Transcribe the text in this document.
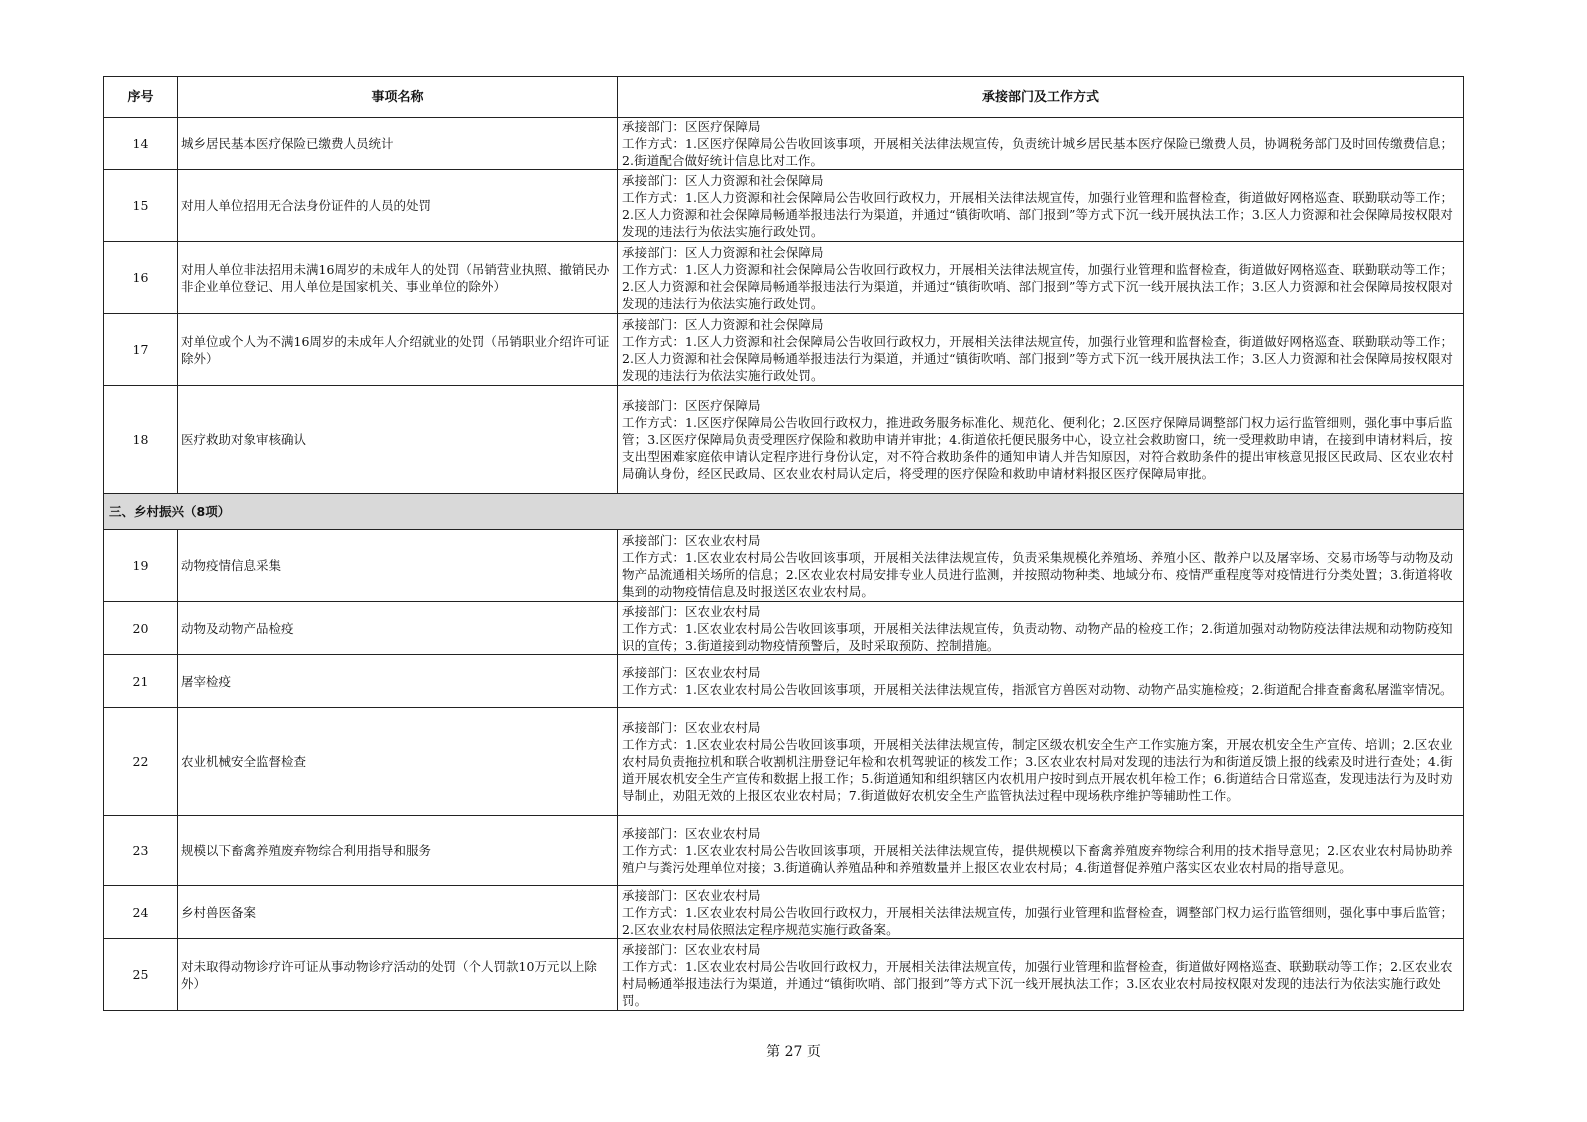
序号	事项名称	承接部门及工作方式
14	城乡居民基本医疗保险已缴费人员统计	承接部门：区医疗保障局
工作方式：1.区医疗保障局公告收回该事项，开展相关法律法规宣传，负责统计城乡居民基本医疗保险已缴费人员，协调税务部门及时回传缴费信息；2.街道配合做好统计信息比对工作。

15	对用人单位招用无合法身份证件的人员的处罚	承接部门：区人力资源和社会保障局
工作方式：1.区人力资源和社会保障局公告收回行政权力，开展相关法律法规宣传，加强行业管理和监督检查，街道做好网格巡查、联勤联动等工作；2.区人力资源和社会保障局畅通举报违法行为渠道，并通过“镇街吹哨、部门报到”等方式下沉一线开展执法工作；3.区人力资源和社会保障局按权限对发现的违法行为依法实施行政处罚。

16	对用人单位非法招用未满16周岁的未成年人的处罚（吊销营业执照、撤销民办非企业单位登记、用人单位是国家机关、事业单位的除外）	承接部门：区人力资源和社会保障局
工作方式：1.区人力资源和社会保障局公告收回行政权力，开展相关法律法规宣传，加强行业管理和监督检查，街道做好网格巡查、联勤联动等工作；2.区人力资源和社会保障局畅通举报违法行为渠道，并通过“镇街吹哨、部门报到”等方式下沉一线开展执法工作；3.区人力资源和社会保障局按权限对发现的违法行为依法实施行政处罚。

17	对单位或个人为不满16周岁的未成年人介绍就业的处罚（吊销职业介绍许可证除外）	承接部门：区人力资源和社会保障局
工作方式：1.区人力资源和社会保障局公告收回行政权力，开展相关法律法规宣传，加强行业管理和监督检查，街道做好网格巡查、联勤联动等工作；2.区人力资源和社会保障局畅通举报违法行为渠道，并通过“镇街吹哨、部门报到”等方式下沉一线开展执法工作；3.区人力资源和社会保障局按权限对发现的违法行为依法实施行政处罚。

18	医疗救助对象审核确认	承接部门：区医疗保障局
工作方式：1.区医疗保障局公告收回行政权力，推进政务服务标准化、规范化、便利化；2.区医疗保障局调整部门权力运行监管细则，强化事中事后监管；3.区医疗保障局负责受理医疗保险和救助申请并审批；4.街道依托便民服务中心，设立社会救助窗口，统一受理救助申请，在接到申请材料后，按支出型困难家庭依申请认定程序进行身份认定，对不符合救助条件的通知申请人并告知原因，对符合救助条件的提出审核意见报区民政局、区农业农村局确认身份，经区民政局、区农业农村局认定后，将受理的医疗保险和救助申请材料报区医疗保障局审批。

三、乡村振兴（8项）		
19	动物疫情信息采集	承接部门：区农业农村局
工作方式：1.区农业农村局公告收回该事项，开展相关法律法规宣传，负责采集规模化养殖场、养殖小区、散养户以及屠宰场、交易市场等与动物及动物产品流通相关场所的信息；2.区农业农村局安排专业人员进行监测，并按照动物种类、地域分布、疫情严重程度等对疫情进行分类处置；3.街道将收集到的动物疫情信息及时报送区农业农村局。

20	动物及动物产品检疫	承接部门：区农业农村局
工作方式：1.区农业农村局公告收回该事项，开展相关法律法规宣传，负责动物、动物产品的检疫工作；2.街道加强对动物防疫法律法规和动物防疫知识的宣传；3.街道接到动物疫情预警后，及时采取预防、控制措施。

21	屠宰检疫	承接部门：区农业农村局
工作方式：1.区农业农村局公告收回该事项，开展相关法律法规宣传，指派官方兽医对动物、动物产品实施检疫；2.街道配合排查畜禽私屠滥宰情况。

22	农业机械安全监督检查	承接部门：区农业农村局
工作方式：1.区农业农村局公告收回该事项，开展相关法律法规宣传，制定区级农机安全生产工作实施方案，开展农机安全生产宣传、培训；2.区农业农村局负责拖拉机和联合收割机注册登记年检和农机驾驶证的核发工作；3.区农业农村局对发现的违法行为和街道反馈上报的线索及时进行查处；4.街道开展农机安全生产宣传和数据上报工作；5.街道通知和组织辖区内农机用户按时到点开展农机年检工作；6.街道结合日常巡查，发现违法行为及时劝导制止，劝阻无效的上报区农业农村局；7.街道做好农机安全生产监管执法过程中现场秩序维护等辅助性工作。

23	规模以下畜禽养殖废弃物综合利用指导和服务	承接部门：区农业农村局
工作方式：1.区农业农村局公告收回该事项，开展相关法律法规宣传，提供规模以下畜禽养殖废弃物综合利用的技术指导意见；2.区农业农村局协助养殖户与粪污处理单位对接；3.街道确认养殖品种和养殖数量并上报区农业农村局；4.街道督促养殖户落实区农业农村局的指导意见。

24	乡村兽医备案	承接部门：区农业农村局
工作方式：1.区农业农村局公告收回行政权力，开展相关法律法规宣传，加强行业管理和监督检查，调整部门权力运行监管细则，强化事中事后监管；2.区农业农村局依照法定程序规范实施行政备案。

25	对未取得动物诊疗许可证从事动物诊疗活动的处罚（个人罚款10万元以上除外）	承接部门：区农业农村局
工作方式：1.区农业农村局公告收回行政权力，开展相关法律法规宣传，加强行业管理和监督检查，街道做好网格巡查、联勤联动等工作；2.区农业农村局畅通举报违法行为渠道，并通过“镇街吹哨、部门报到”等方式下沉一线开展执法工作；3.区农业农村局按权限对发现的违法行为依法实施行政处罚。
第 27 页
